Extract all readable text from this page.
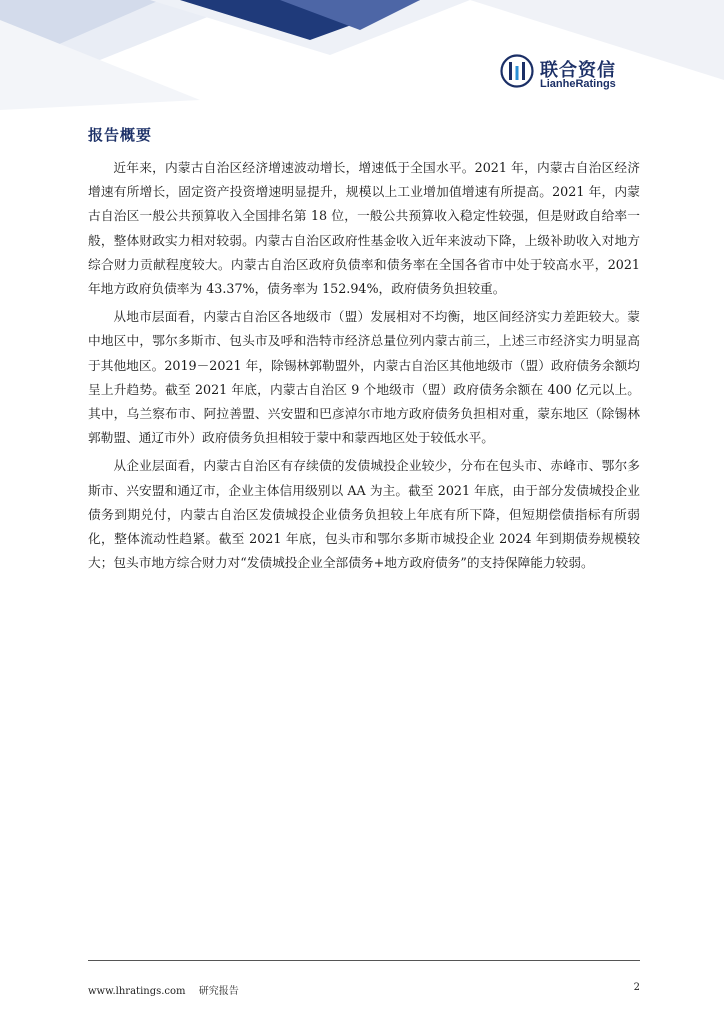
联合资信
LianheRatings
报告概要

近年来，内蒙古自治区经济增速波动增长，增速低于全国水平。2021 年，内蒙古自治区经济增速有所增长，固定资产投资增速明显提升，规模以上工业增加值增速有所提高。2021 年，内蒙古自治区一般公共预算收入全国排名第 18 位，一般公共预算收入稳定性较强，但是财政自给率一般，整体财政实力相对较弱。内蒙古自治区政府性基金收入近年来波动下降，上级补助收入对地方综合财力贡献程度较大。内蒙古自治区政府负债率和债务率在全国各省市中处于较高水平，2021 年地方政府负债率为 43.37%，债务率为 152.94%，政府债务负担较重。

从地市层面看，内蒙古自治区各地级市（盟）发展相对不均衡，地区间经济实力差距较大。蒙中地区中，鄂尔多斯市、包头市及呼和浩特市经济总量位列内蒙古前三，上述三市经济实力明显高于其他地区。2019－2021 年，除锡林郭勒盟外，内蒙古自治区其他地级市（盟）政府债务余额均呈上升趋势。截至 2021 年底，内蒙古自治区 9 个地级市（盟）政府债务余额在 400 亿元以上。其中，乌兰察布市、阿拉善盟、兴安盟和巴彦淖尔市地方政府债务负担相对重，蒙东地区（除锡林郭勒盟、通辽市外）政府债务负担相较于蒙中和蒙西地区处于较低水平。

从企业层面看，内蒙古自治区有存续债的发债城投企业较少，分布在包头市、赤峰市、鄂尔多斯市、兴安盟和通辽市，企业主体信用级别以 AA 为主。截至 2021 年底，由于部分发债城投企业债务到期兑付，内蒙古自治区发债城投企业债务负担较上年底有所下降，但短期偿债指标有所弱化，整体流动性趋紧。截至 2021 年底，包头市和鄂尔多斯市城投企业 2024 年到期债券规模较大；包头市地方综合财力对“发债城投企业全部债务+地方政府债务”的支持保障能力较弱。

www.lhratings.com 研究报告	2
